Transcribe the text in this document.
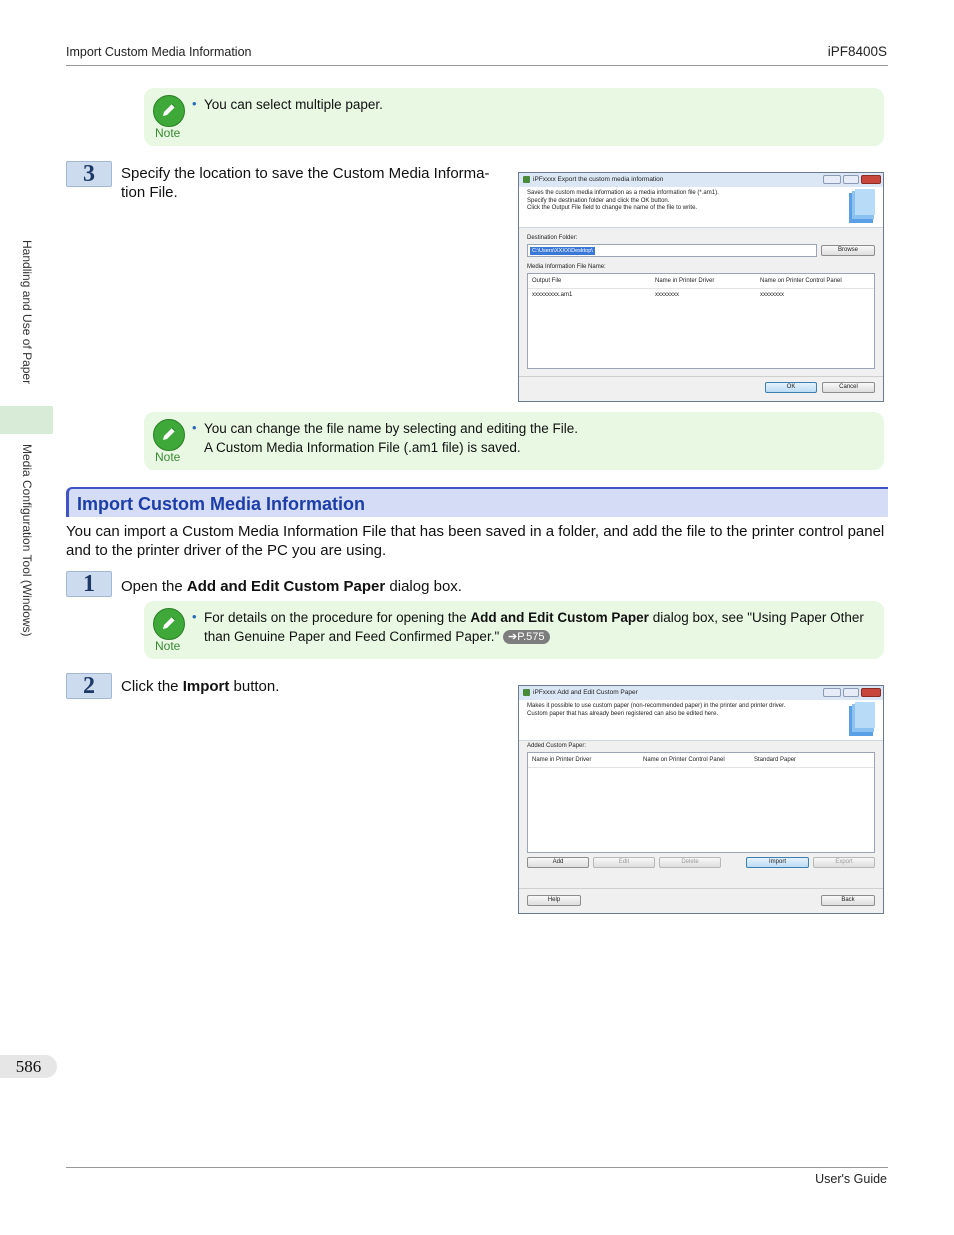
Import Custom Media Information	iPF8400S
Handling and Use of Paper
Media Configuration Tool (Windows)
586
Note
• You can select multiple paper.
3	Specify the location to save the Custom Media Informa-tion File.
iPFxxxx Export the custom media information
Saves the custom media information as a media information file (*.am1).
Specify the destination folder and click the OK button.
Click the Output File field to change the name of the file to write.
Destination Folder:
C:\Users\XXXX\Desktop\	Browse
Media Information File Name:
Output File	Name in Printer Driver	Name on Printer Control Panel
xxxxxxxxx.am1	xxxxxxxx	xxxxxxxx
OK	Cancel
Note
• You can change the file name by selecting and editing the File.
A Custom Media Information File (.am1 file) is saved.
Import Custom Media Information
You can import a Custom Media Information File that has been saved in a folder, and add the file to the printer control panel and to the printer driver of the PC you are using.
1	Open the Add and Edit Custom Paper dialog box.
Note
• For details on the procedure for opening the Add and Edit Custom Paper dialog box, see "Using Paper Other than Genuine Paper and Feed Confirmed Paper." ➔P.575
2	Click the Import button.	iPFxxxx Add and Edit Custom Paper
Makes it possible to use custom paper (non-recommended paper) in the printer and printer driver.
Custom paper that has already been registered can also be edited here.
Added Custom Paper:
Name in Printer Driver	Name on Printer Control Panel	Standard Paper
Add	Edit	Delete	Import	Export
Help	Back
User's Guide
